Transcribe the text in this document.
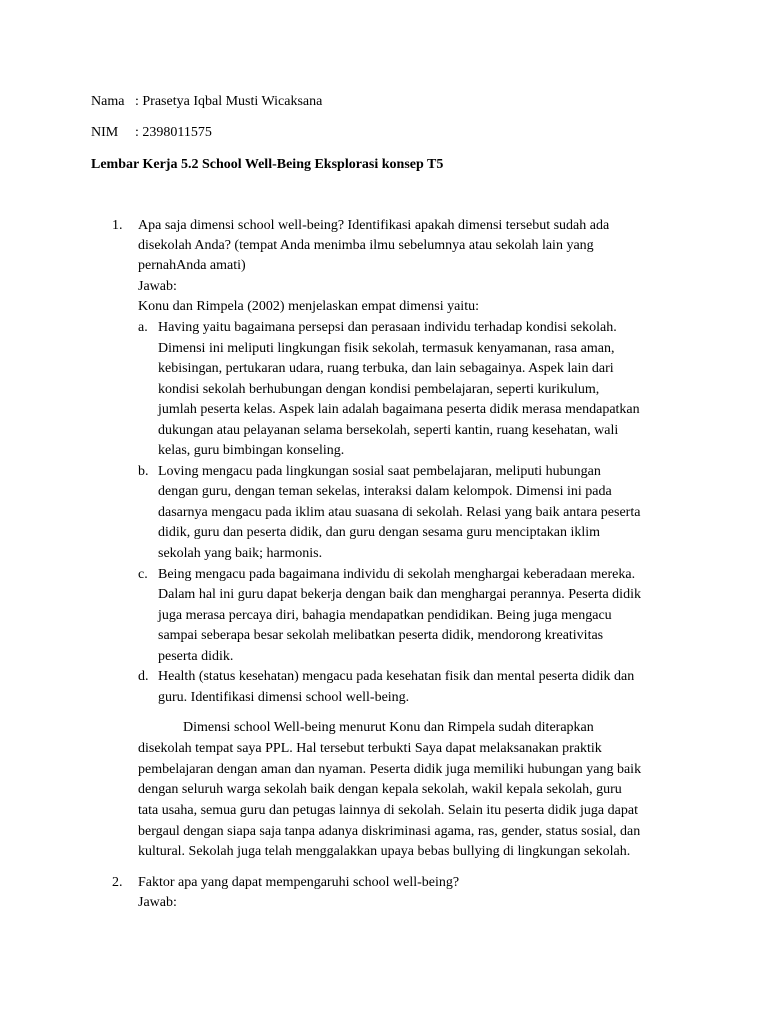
Nama : Prasetya Iqbal Musti Wicaksana
NIM : 2398011575
Lembar Kerja 5.2 School Well-Being Eksplorasi konsep T5
1. Apa saja dimensi school well-being? Identifikasi apakah dimensi tersebut sudah ada
disekolah Anda? (tempat Anda menimba ilmu sebelumnya atau sekolah lain yang
pernahAnda amati)
Jawab:
Konu dan Rimpela (2002) menjelaskan empat dimensi yaitu:
a. Having yaitu bagaimana persepsi dan perasaan individu terhadap kondisi sekolah.
Dimensi ini meliputi lingkungan fisik sekolah, termasuk kenyamanan, rasa aman,
kebisingan, pertukaran udara, ruang terbuka, dan lain sebagainya. Aspek lain dari
kondisi sekolah berhubungan dengan kondisi pembelajaran, seperti kurikulum,
jumlah peserta kelas. Aspek lain adalah bagaimana peserta didik merasa mendapatkan
dukungan atau pelayanan selama bersekolah, seperti kantin, ruang kesehatan, wali
kelas, guru bimbingan konseling.
b. Loving mengacu pada lingkungan sosial saat pembelajaran, meliputi hubungan
dengan guru, dengan teman sekelas, interaksi dalam kelompok. Dimensi ini pada
dasarnya mengacu pada iklim atau suasana di sekolah. Relasi yang baik antara peserta
didik, guru dan peserta didik, dan guru dengan sesama guru menciptakan iklim
sekolah yang baik; harmonis.
c. Being mengacu pada bagaimana individu di sekolah menghargai keberadaan mereka.
Dalam hal ini guru dapat bekerja dengan baik dan menghargai perannya. Peserta didik
juga merasa percaya diri, bahagia mendapatkan pendidikan. Being juga mengacu
sampai seberapa besar sekolah melibatkan peserta didik, mendorong kreativitas
peserta didik.
d. Health (status kesehatan) mengacu pada kesehatan fisik dan mental peserta didik dan
guru. Identifikasi dimensi school well-being.
Dimensi school Well-being menurut Konu dan Rimpela sudah diterapkan
disekolah tempat saya PPL. Hal tersebut terbukti Saya dapat melaksanakan praktik
pembelajaran dengan aman dan nyaman. Peserta didik juga memiliki hubungan yang baik
dengan seluruh warga sekolah baik dengan kepala sekolah, wakil kepala sekolah, guru
tata usaha, semua guru dan petugas lainnya di sekolah. Selain itu peserta didik juga dapat
bergaul dengan siapa saja tanpa adanya diskriminasi agama, ras, gender, status sosial, dan
kultural. Sekolah juga telah menggalakkan upaya bebas bullying di lingkungan sekolah.
2. Faktor apa yang dapat mempengaruhi school well-being?
Jawab:
